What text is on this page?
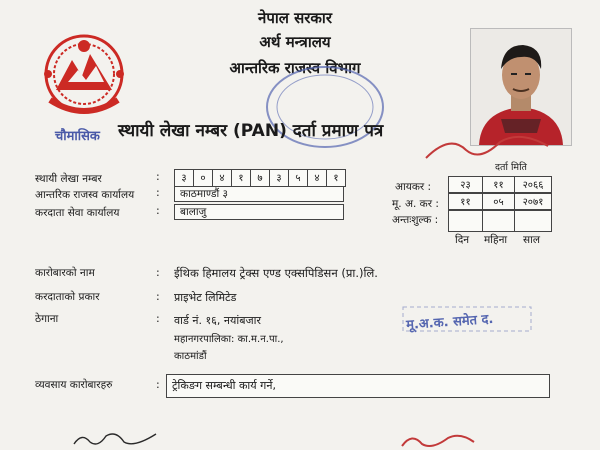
नेपाल सरकार
अर्थ मन्त्रालय
आन्तरिक राजस्व विभाग
चौमासिक स्थायी लेखा नम्बर (PAN) दर्ता प्रमाण पत्र
स्थायी लेखा नम्बर	:	३	०	४	१	७	३	५	४	१
आन्तरिक राजस्व कार्यालय :	काठमाण्डौं ३
करदाता सेवा कार्यालय	:	बालाजु
दर्ता मिति
आयकर :	२३	११	२०६६
मू. अ. कर :	११	०५	२०७१
अन्तःशुल्क :
दिन महिना साल
कारोबारको नाम	: ईथिक हिमालय ट्रेक्स एण्ड एक्सपिडिसन (प्रा.)लि.
करदाताको प्रकार	: प्राइभेट लिमिटेड
ठेगाना	: वार्ड नं. १६, नयांबजार
महानगरपालिका: का.म.न.पा.,
काठमांडौं
मू.अ.क. समेत द.
व्यवसाय कारोबारहरु	:	ट्रेकिङग सम्बन्धी कार्य गर्ने,
